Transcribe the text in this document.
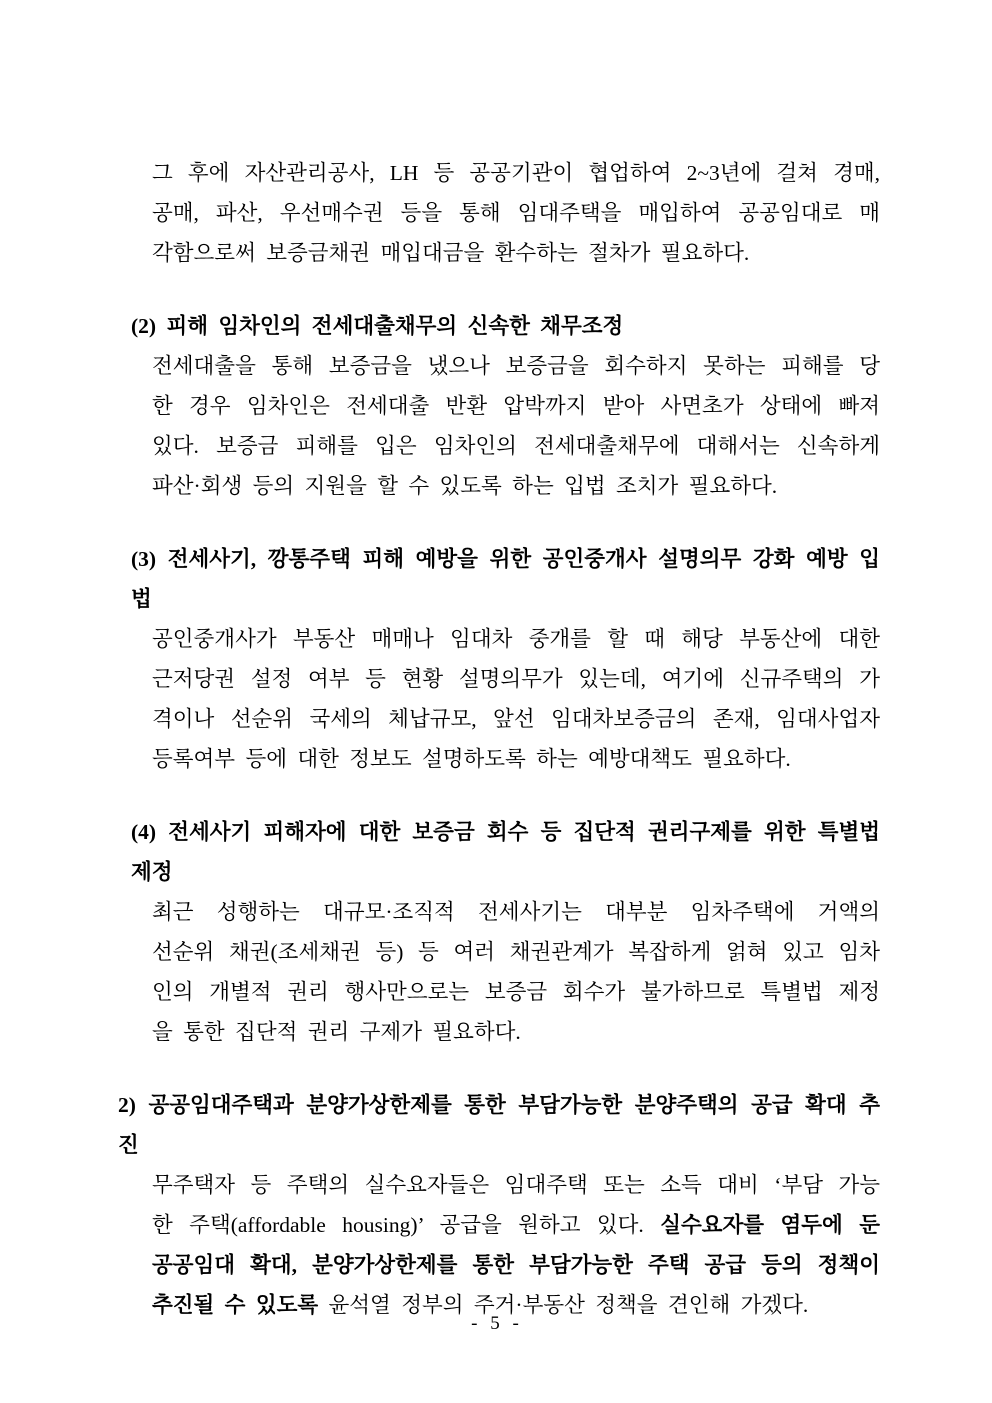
그 후에 자산관리공사, LH 등 공공기관이 협업하여 2~3년에 걸쳐 경매,
공매, 파산, 우선매수권 등을 통해 임대주택을 매입하여 공공임대로 매
각함으로써 보증금채권 매입대금을 환수하는 절차가 필요하다.
(2) 피해 임차인의 전세대출채무의 신속한 채무조정
전세대출을 통해 보증금을 냈으나 보증금을 회수하지 못하는 피해를 당
한 경우 임차인은 전세대출 반환 압박까지 받아 사면초가 상태에 빠져
있다. 보증금 피해를 입은 임차인의 전세대출채무에 대해서는 신속하게
파산·회생 등의 지원을 할 수 있도록 하는 입법 조치가 필요하다.
(3) 전세사기, 깡통주택 피해 예방을 위한 공인중개사 설명의무 강화 예방 입법
공인중개사가 부동산 매매나 임대차 중개를 할 때 해당 부동산에 대한
근저당권 설정 여부 등 현황 설명의무가 있는데, 여기에 신규주택의 가
격이나 선순위 국세의 체납규모, 앞선 임대차보증금의 존재, 임대사업자
등록여부 등에 대한 정보도 설명하도록 하는 예방대책도 필요하다.
(4) 전세사기 피해자에 대한 보증금 회수 등 집단적 권리구제를 위한 특별법 제정
최근 성행하는 대규모·조직적 전세사기는 대부분 임차주택에 거액의
선순위 채권(조세채권 등) 등 여러 채권관계가 복잡하게 얽혀 있고 임차
인의 개별적 권리 행사만으로는 보증금 회수가 불가하므로 특별법 제정
을 통한 집단적 권리 구제가 필요하다.
2) 공공임대주택과 분양가상한제를 통한 부담가능한 분양주택의 공급 확대 추진
무주택자 등 주택의 실수요자들은 임대주택 또는 소득 대비 ‘부담 가능
한 주택(affordable housing)’ 공급을 원하고 있다. 실수요자를 염두에 둔
공공임대 확대, 분양가상한제를 통한 부담가능한 주택 공급 등의 정책이
추진될 수 있도록 윤석열 정부의 주거·부동산 정책을 견인해 가겠다.
- 5 -
